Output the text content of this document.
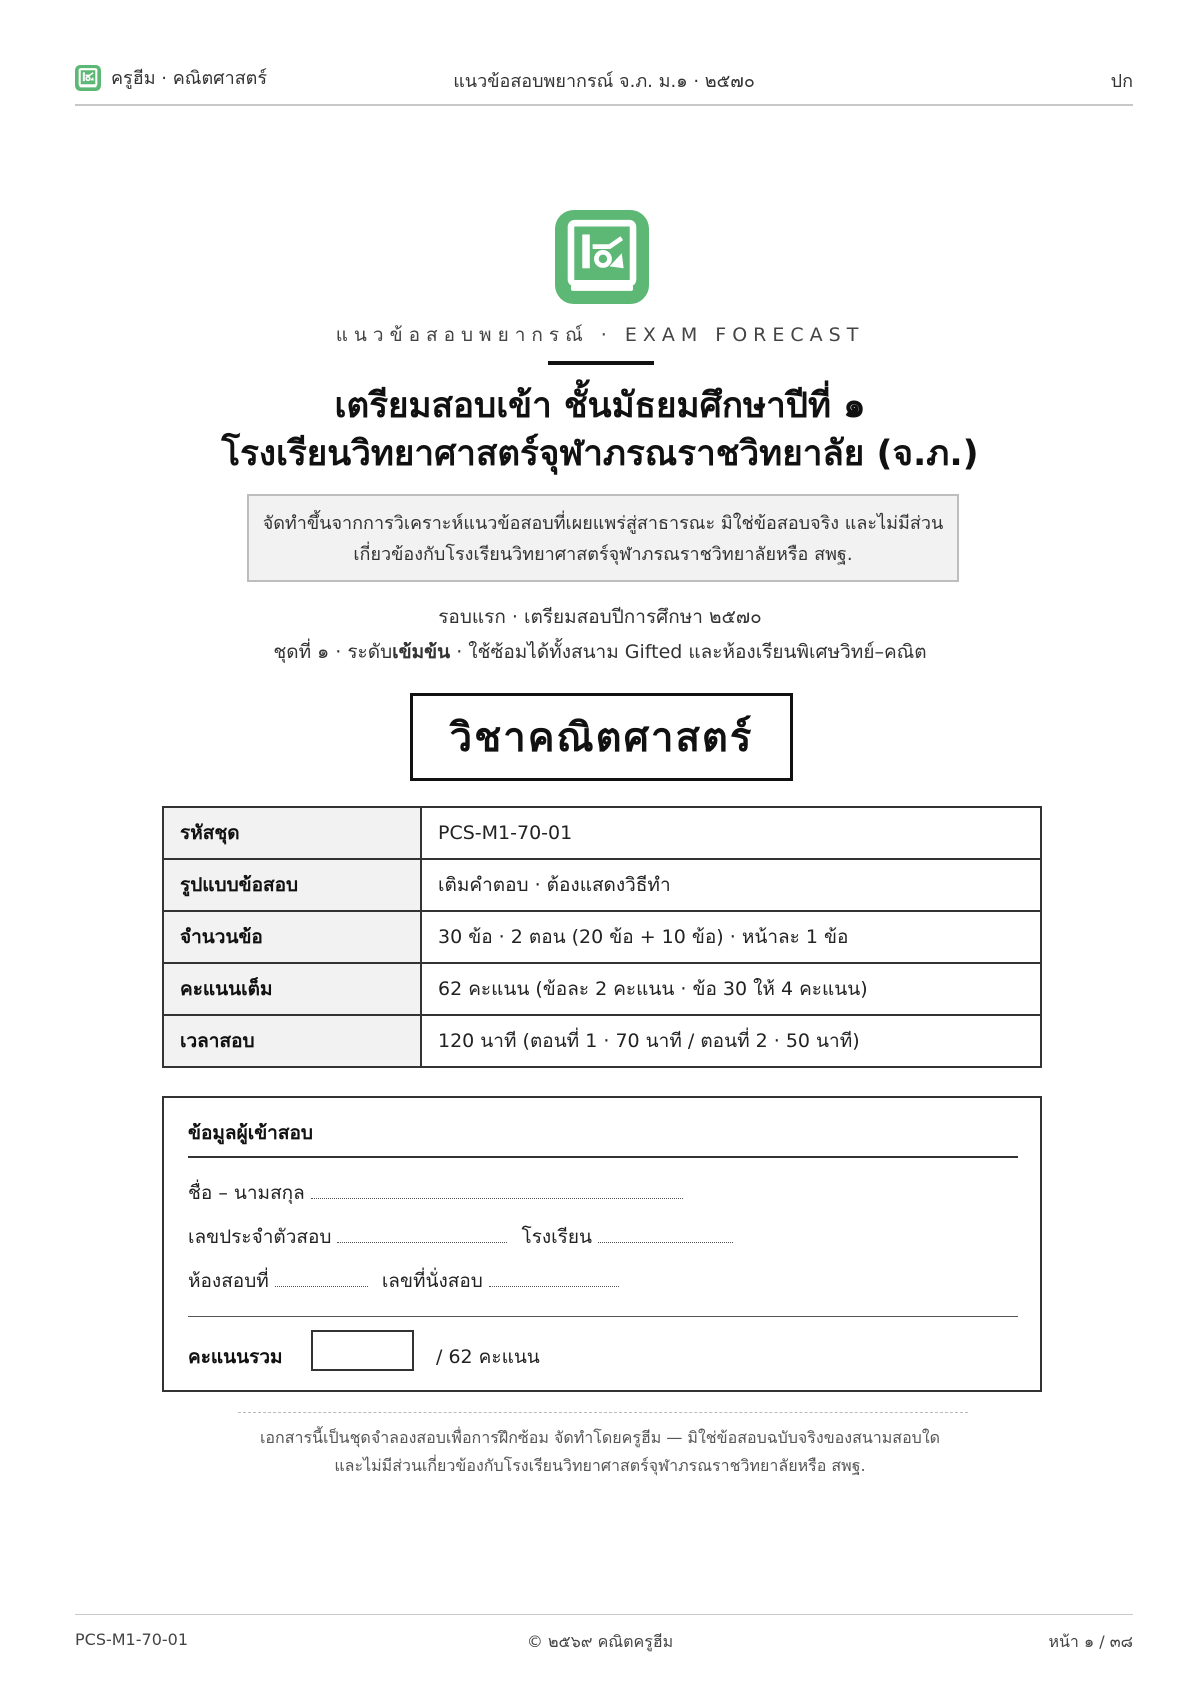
ครูฮีม · คณิตศาสตร์	แนวข้อสอบพยากรณ์ จ.ภ. ม.๑ · ๒๕๗๐	ปก
แนวข้อสอบพยากรณ์ · EXAM FORECAST
เตรียมสอบเข้า ชั้นมัธยมศึกษาปีที่ ๑
โรงเรียนวิทยาศาสตร์จุฬาภรณราชวิทยาลัย (จ.ภ.)
จัดทำขึ้นจากการวิเคราะห์แนวข้อสอบที่เผยแพร่สู่สาธารณะ มิใช่ข้อสอบจริง และไม่มีส่วน
เกี่ยวข้องกับโรงเรียนวิทยาศาสตร์จุฬาภรณราชวิทยาลัยหรือ สพฐ.
รอบแรก · เตรียมสอบปีการศึกษา ๒๕๗๐
ชุดที่ ๑ · ระดับเข้มข้น · ใช้ซ้อมได้ทั้งสนาม Gifted และห้องเรียนพิเศษวิทย์–คณิต
วิชาคณิตศาสตร์
รหัสชุด	PCS-M1-70-01
รูปแบบข้อสอบ	เติมคำตอบ · ต้องแสดงวิธีทำ
จำนวนข้อ	30 ข้อ · 2 ตอน (20 ข้อ + 10 ข้อ) · หน้าละ 1 ข้อ
คะแนนเต็ม	62 คะแนน (ข้อละ 2 คะแนน · ข้อ 30 ให้ 4 คะแนน)
เวลาสอบ	120 นาที (ตอนที่ 1 · 70 นาที / ตอนที่ 2 · 50 นาที)
ข้อมูลผู้เข้าสอบ
ชื่อ – นามสกุล
เลขประจำตัวสอบ	โรงเรียน
ห้องสอบที่	เลขที่นั่งสอบ
คะแนนรวม	/ 62 คะแนน
เอกสารนี้เป็นชุดจำลองสอบเพื่อการฝึกซ้อม จัดทำโดยครูฮีม — มิใช่ข้อสอบฉบับจริงของสนามสอบใด
และไม่มีส่วนเกี่ยวข้องกับโรงเรียนวิทยาศาสตร์จุฬาภรณราชวิทยาลัยหรือ สพฐ.
PCS-M1-70-01	© ๒๕๖๙ คณิตครูฮีม	หน้า ๑ / ๓๘
